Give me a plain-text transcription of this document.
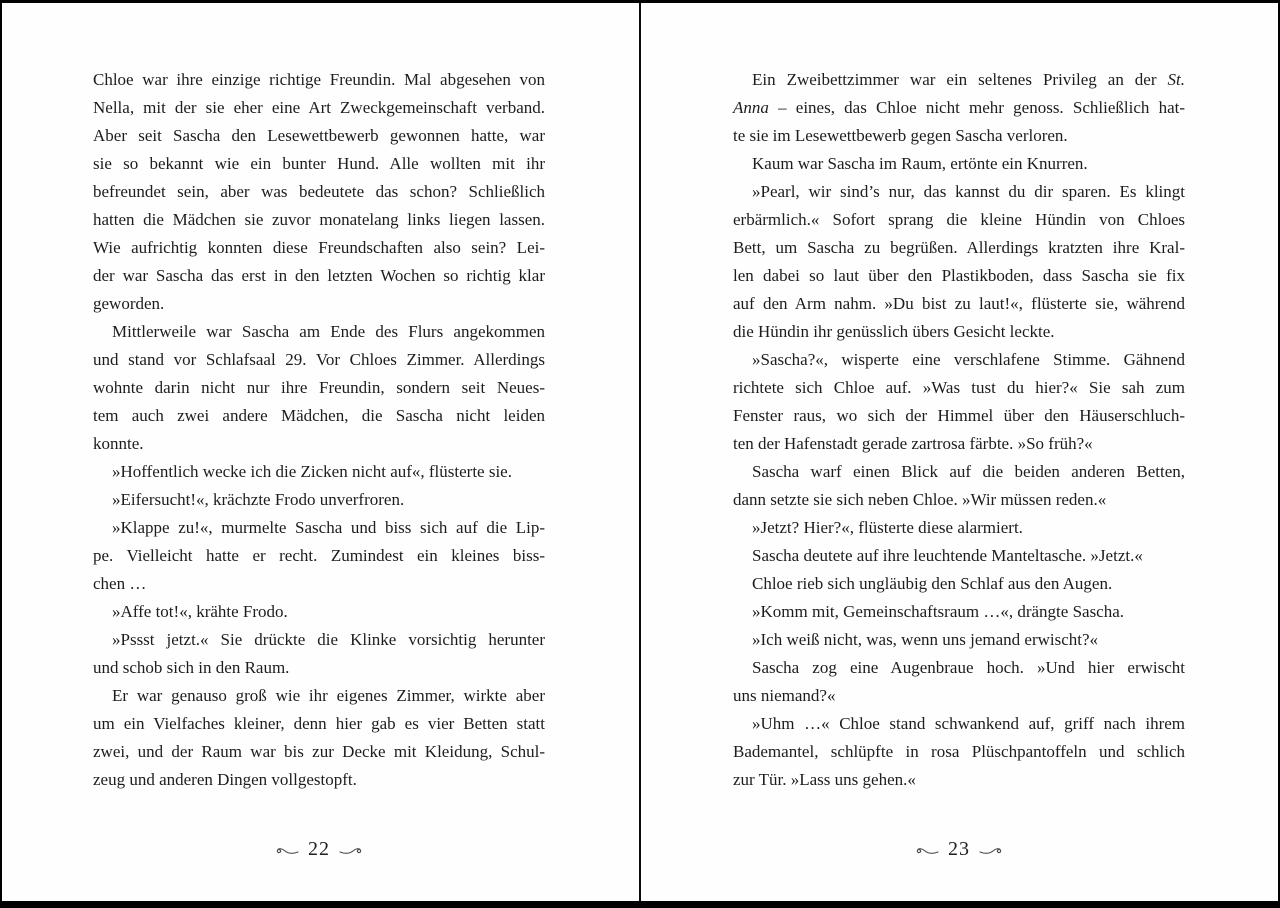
Chloe war ihre einzige richtige Freundin. Mal abgesehen von
Nella, mit der sie eher eine Art Zweckgemeinschaft verband.
Aber seit Sascha den Lesewettbewerb gewonnen hatte, war
sie so bekannt wie ein bunter Hund. Alle wollten mit ihr
befreundet sein, aber was bedeutete das schon? Schließlich
hatten die Mädchen sie zuvor monatelang links liegen lassen.
Wie aufrichtig konnten diese Freundschaften also sein? Lei-
der war Sascha das erst in den letzten Wochen so richtig klar
geworden.
Mittlerweile war Sascha am Ende des Flurs angekommen
und stand vor Schlafsaal 29. Vor Chloes Zimmer. Allerdings
wohnte darin nicht nur ihre Freundin, sondern seit Neues-
tem auch zwei andere Mädchen, die Sascha nicht leiden
konnte.
»Hoffentlich wecke ich die Zicken nicht auf«, flüsterte sie.
»Eifersucht!«, krächzte Frodo unverfroren.
»Klappe zu!«, murmelte Sascha und biss sich auf die Lip-
pe. Vielleicht hatte er recht. Zumindest ein kleines biss-
chen …
»Affe tot!«, krähte Frodo.
»Pssst jetzt.« Sie drückte die Klinke vorsichtig herunter
und schob sich in den Raum.
Er war genauso groß wie ihr eigenes Zimmer, wirkte aber
um ein Vielfaches kleiner, denn hier gab es vier Betten statt
zwei, und der Raum war bis zur Decke mit Kleidung, Schul-
zeug und anderen Dingen vollgestopft.
Ein Zweibettzimmer war ein seltenes Privileg an der St.
Anna – eines, das Chloe nicht mehr genoss. Schließlich hat-
te sie im Lesewettbewerb gegen Sascha verloren.
Kaum war Sascha im Raum, ertönte ein Knurren.
»Pearl, wir sind’s nur, das kannst du dir sparen. Es klingt
erbärmlich.« Sofort sprang die kleine Hündin von Chloes
Bett, um Sascha zu begrüßen. Allerdings kratzten ihre Kral-
len dabei so laut über den Plastikboden, dass Sascha sie fix
auf den Arm nahm. »Du bist zu laut!«, flüsterte sie, während
die Hündin ihr genüsslich übers Gesicht leckte.
»Sascha?«, wisperte eine verschlafene Stimme. Gähnend
richtete sich Chloe auf. »Was tust du hier?« Sie sah zum
Fenster raus, wo sich der Himmel über den Häuserschluch-
ten der Hafenstadt gerade zartrosa färbte. »So früh?«
Sascha warf einen Blick auf die beiden anderen Betten,
dann setzte sie sich neben Chloe. »Wir müssen reden.«
»Jetzt? Hier?«, flüsterte diese alarmiert.
Sascha deutete auf ihre leuchtende Manteltasche. »Jetzt.«
Chloe rieb sich ungläubig den Schlaf aus den Augen.
»Komm mit, Gemeinschaftsraum …«, drängte Sascha.
»Ich weiß nicht, was, wenn uns jemand erwischt?«
Sascha zog eine Augenbraue hoch. »Und hier erwischt
uns niemand?«
»Uhm …« Chloe stand schwankend auf, griff nach ihrem
Bademantel, schlüpfte in rosa Plüschpantoffeln und schlich
zur Tür. »Lass uns gehen.«
22	23
